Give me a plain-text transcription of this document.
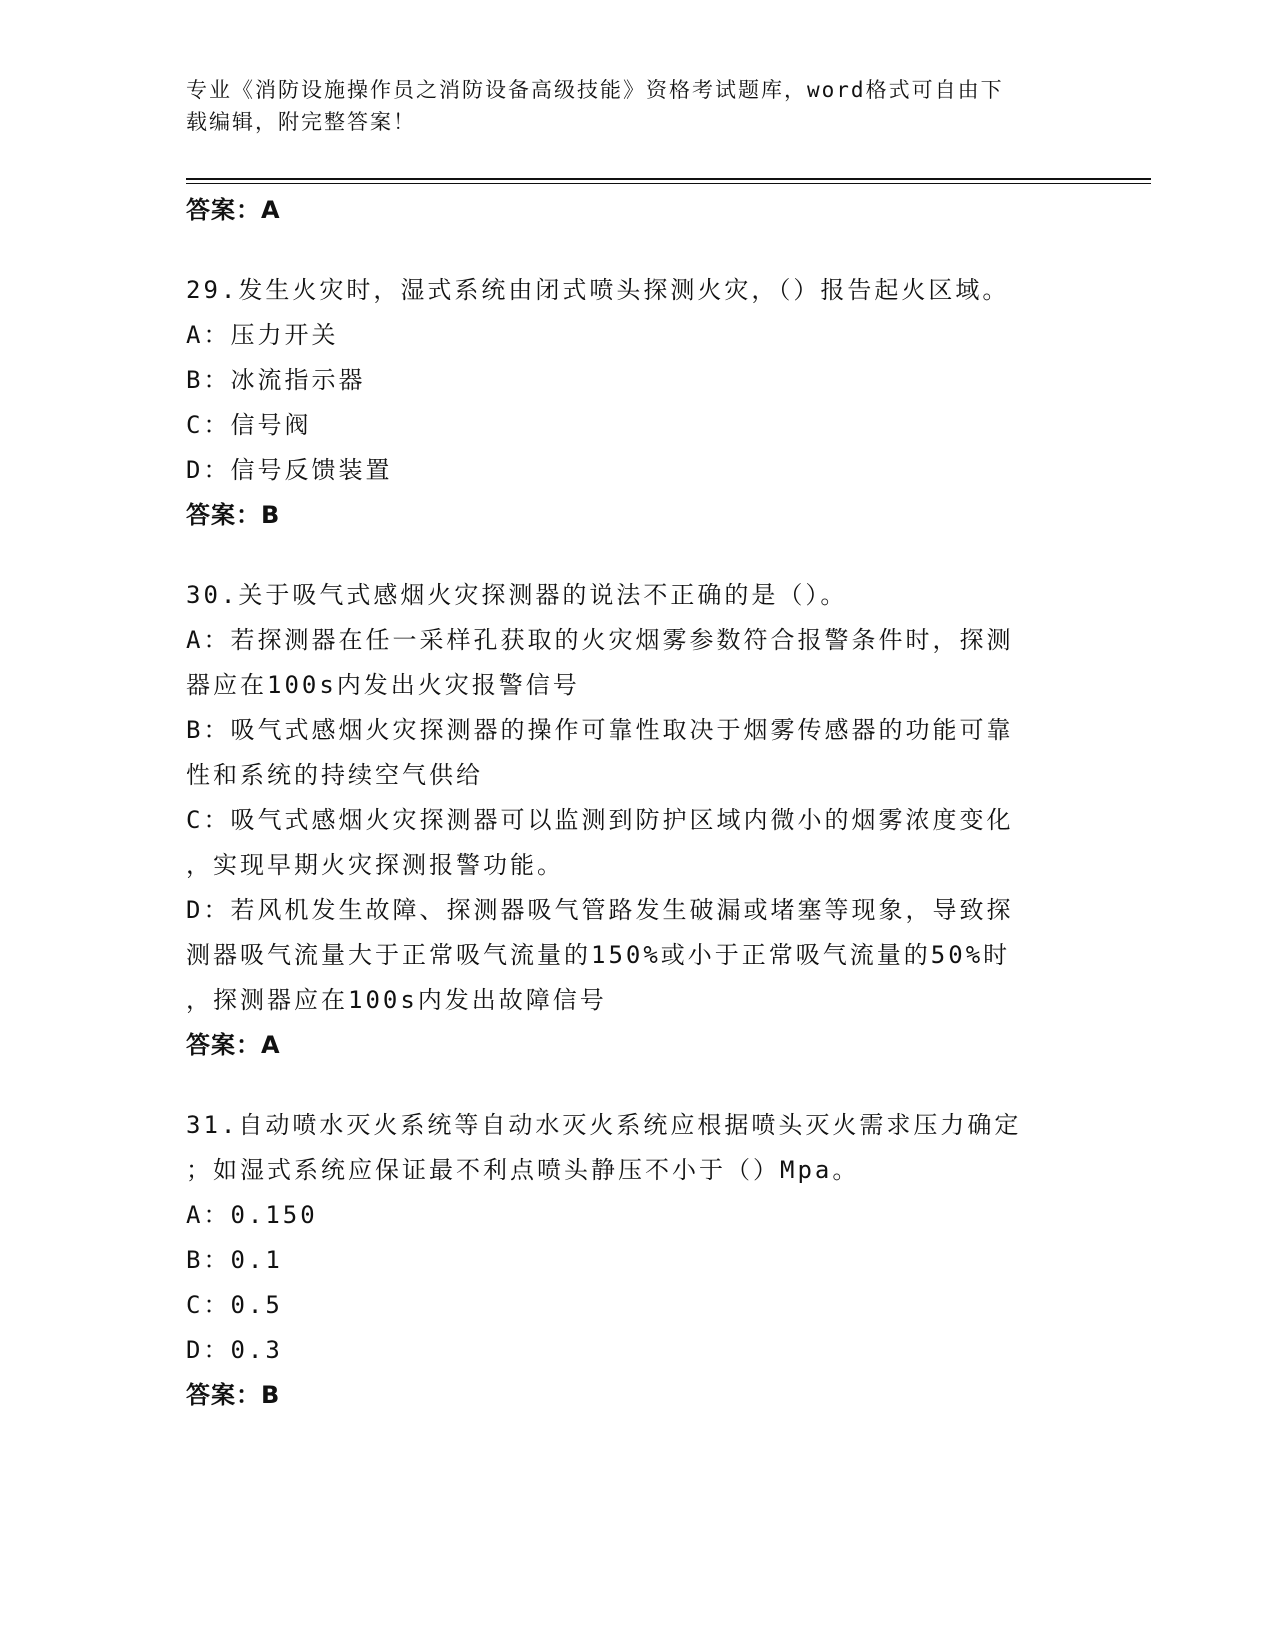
专业《消防设施操作员之消防设备高级技能》资格考试题库，word格式可自由下
载编辑，附完整答案！
答案：A

29.发生火灾时，湿式系统由闭式喷头探测火灾，（）报告起火区域。

A：压力开关

B：冰流指示器

C：信号阀

D：信号反馈装置

答案：B

30.关于吸气式感烟火灾探测器的说法不正确的是（）。

A：若探测器在任一采样孔获取的火灾烟雾参数符合报警条件时，探测

器应在100s内发出火灾报警信号

B：吸气式感烟火灾探测器的操作可靠性取决于烟雾传感器的功能可靠

性和系统的持续空气供给

C：吸气式感烟火灾探测器可以监测到防护区域内微小的烟雾浓度变化

，实现早期火灾探测报警功能。

D：若风机发生故障、探测器吸气管路发生破漏或堵塞等现象，导致探

测器吸气流量大于正常吸气流量的150%或小于正常吸气流量的50%时

，探测器应在100s内发出故障信号

答案：A

31.自动喷水灭火系统等自动水灭火系统应根据喷头灭火需求压力确定

；如湿式系统应保证最不利点喷头静压不小于（）Mpa。

A：0.150

B：0.1

C：0.5

D：0.3

答案：B
